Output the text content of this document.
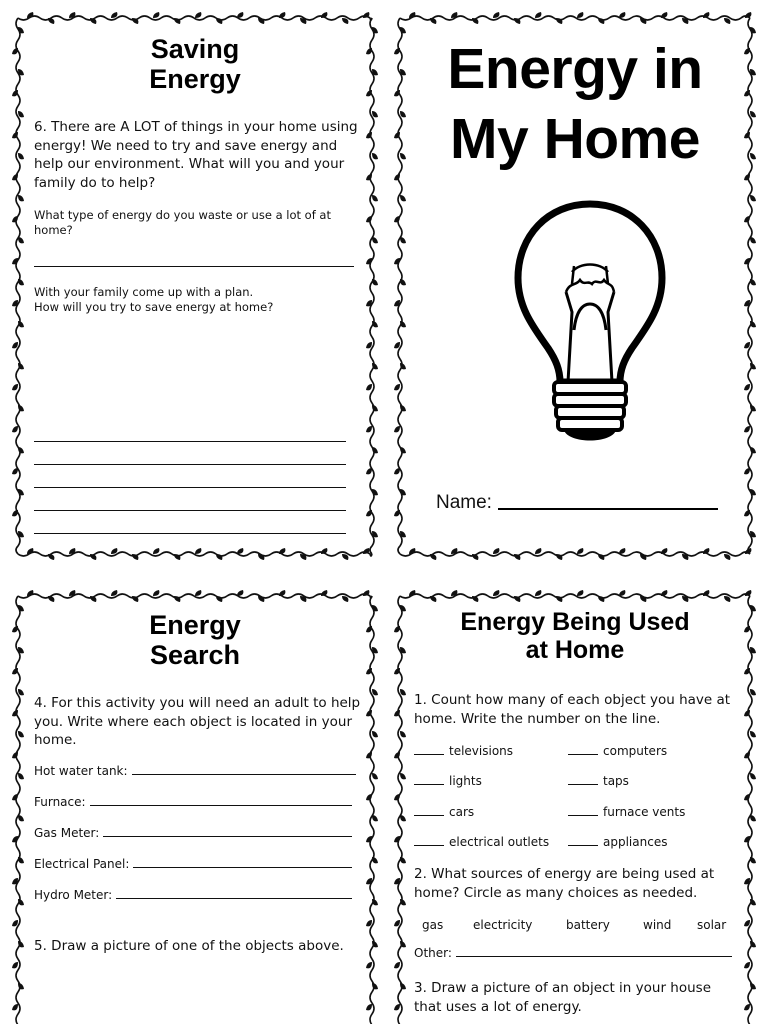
Saving
Energy
6. There are A LOT of things in your home using energy! We need to try and save energy and help our environment. What will you and your family do to help?
What type of energy do you waste or use a lot of at home?
With your family come up with a plan.
How will you try to save energy at home?
Energy in
My Home
Name:
Energy
Search
4. For this activity you will need an adult to help you. Write where each object is located in your home.
Hot water tank:
Furnace:
Gas Meter:
Electrical Panel:
Hydro Meter:
5. Draw a picture of one of the objects above.
Energy Being Used
at Home
1. Count how many of each object you have at home. Write the number on the line.
televisions
lights
cars
electrical outlets
computers
taps
furnace vents
appliances
2. What sources of energy are being used at home? Circle as many choices as needed.
gas electricity	battery	wind solar
Other:
3. Draw a picture of an object in your house that uses a lot of energy.
